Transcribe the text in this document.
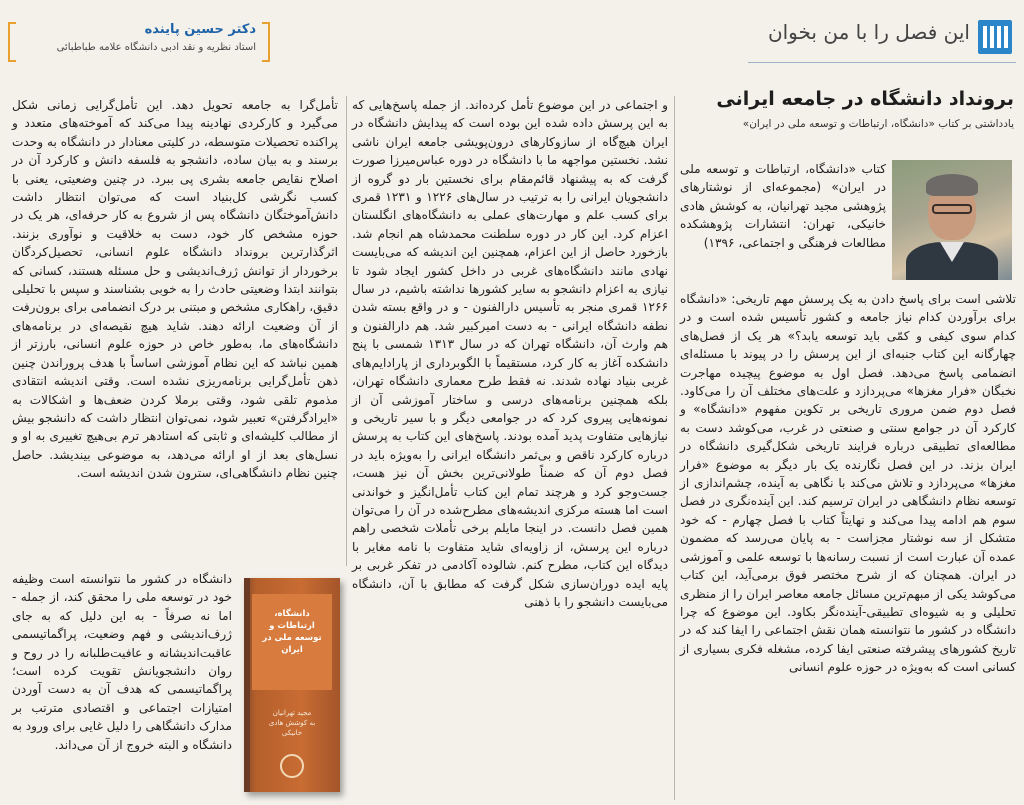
این فصل را با من بخوان
دکتر حسین پاینده
استاد نظریه و نقد ادبی دانشگاه علامه طباطبائی
برونداد دانشگاه در جامعه ایرانی
یادداشتی بر کتاب «دانشگاه، ارتباطات و توسعه ملی در ایران»

کتاب «دانشگاه، ارتباطات و توسعه ملی در ایران» (مجموعه‌ای از نوشتارهای پژوهشی مجید تهرانیان، به کوشش هادی خانیکی، تهران: انتشارات پژوهشکده مطالعات فرهنگی و اجتماعی، ۱۳۹۶)

تلاشی است برای پاسخ دادن به یک پرسش مهم تاریخی: «دانشگاه برای برآوردن کدام نیاز جامعه و کشور تأسیس شده است و در کدام سوی کیفی و کمّی باید توسعه یابد؟» هر یک از فصل‌های چهارگانه این کتاب جنبه‌ای از این پرسش را در پیوند با مسئله‌ای انضمامی پاسخ می‌دهد. فصل اول به موضوع پیچیده مهاجرت نخبگان «فرار مغزها» می‌پردازد و علت‌های مختلف آن را می‌کاود. فصل دوم ضمن مروری تاریخی بر تکوین مفهوم «دانشگاه» و کارکرد آن در جوامع سنتی و صنعتی در غرب، می‌کوشد دست به مطالعه‌ای تطبیقی درباره فرایند تاریخی شکل‌گیری دانشگاه در ایران بزند. در این فصل نگارنده یک بار دیگر به موضوع «فرار مغزها» می‌پردازد و تلاش می‌کند با نگاهی به آینده، چشم‌اندازی از توسعه نظام دانشگاهی در ایران ترسیم کند. این آینده‌نگری در فصل سوم هم ادامه پیدا می‌کند و نهایتاً کتاب با فصل چهارم - که خود متشکل از سه نوشتار مجزاست - به پایان می‌رسد که مضمون عمده آن عبارت است از نسبت رسانه‌ها با توسعه علمی و آموزشی در ایران. همچنان که از شرح مختصر فوق برمی‌آید، این کتاب می‌کوشد یکی از مبهم‌ترین مسائل جامعه معاصر ایران را از منظری تحلیلی و به شیوه‌ای تطبیقی-آینده‌نگر بکاود. این موضوع که چرا دانشگاه در کشور ما نتوانسته همان نقش اجتماعی را ایفا کند که در تاریخ کشورهای پیشرفته صنعتی ایفا کرده، مشغله فکری بسیاری از کسانی است که به‌ویژه در حوزه علوم انسانی

و اجتماعی در این موضوع تأمل کرده‌اند. از جمله پاسخ‌هایی که به این پرسش داده شده این بوده است که پیدایش دانشگاه در ایران هیچ‌گاه از سازوکارهای درون‌پویشی جامعه ایران ناشی نشد. نخستین مواجهه ما با دانشگاه در دوره عباس‌میرزا صورت گرفت که به پیشنهاد قائم‌مقام برای نخستین بار دو گروه از دانشجویان ایرانی را به ترتیب در سال‌های ۱۲۲۶ و ۱۲۳۱ قمری برای کسب علم و مهارت‌های عملی به دانشگاه‌های انگلستان اعزام کرد. این کار در دوره سلطنت محمدشاه هم انجام شد. بازخورد حاصل از این اعزام، همچنین این اندیشه که می‌بایست نهادی مانند دانشگاه‌های غربی در داخل کشور ایجاد شود تا نیازی به اعزام دانشجو به سایر کشورها نداشته باشیم، در سال ۱۲۶۶ قمری منجر به تأسیس دارالفنون - و در واقع بسته شدن نطفه دانشگاه ایرانی - به دست امیرکبیر شد. هم دارالفنون و هم وارث آن، دانشگاه تهران که در سال ۱۳۱۳ شمسی با پنج دانشکده آغاز به کار کرد، مستقیماً با الگوبرداری از پارادایم‌های غربی بنیاد نهاده شدند. نه فقط طرح معماری دانشگاه تهران، بلکه همچنین برنامه‌های درسی و ساختار آموزشی آن از نمونه‌هایی پیروی کرد که در جوامعی دیگر و با سیر تاریخی و نیازهایی متفاوت پدید آمده بودند. پاسخ‌های این کتاب به پرسش درباره کارکرد ناقص و بی‌ثمر دانشگاه ایرانی را به‌ویژه باید در فصل دوم آن که ضمناً طولانی‌ترین بخش آن نیز هست، جست‌وجو کرد و هرچند تمام این کتاب تأمل‌انگیز و خواندنی است اما هسته مرکزی اندیشه‌های مطرح‌شده در آن را می‌توان همین فصل دانست. در اینجا مایلم برخی تأملات شخصی راهم درباره این پرسش، از زاویه‌ای شاید متفاوت با نامه مغایر با دیدگاه این کتاب، مطرح کنم. شالوده آکادمی در تفکر غربی بر پایه ایده دوران‌سازی شکل گرفت که مطابق با آن، دانشگاه می‌بایست دانشجو را با ذهنی

تأمل‌گرا به جامعه تحویل دهد. این تأمل‌گرایی زمانی شکل می‌گیرد و کارکردی نهادینه پیدا می‌کند که آموخته‌های متعدد و پراکنده تحصیلات متوسطه، در کلیتی معنادار در دانشگاه به وحدت برسند و به بیان ساده، دانشجو به فلسفه دانش و کارکرد آن در اصلاح نقایص جامعه بشری پی ببرد. در چنین وضعیتی، یعنی با کسب نگرشی کل‌بنیاد است که می‌توان انتظار داشت دانش‌آموختگان دانشگاه پس از شروع به کار حرفه‌ای، هر یک در حوزه مشخص کار خود، دست به خلاقیت و نوآوری بزنند. اثرگذارترین برونداد دانشگاه علوم انسانی، تحصیل‌کردگان برخوردار از توانش ژرف‌اندیشی و حل مسئله هستند، کسانی که بتوانند ابتدا وضعیتی حادث را به خوبی بشناسند و سپس با تحلیلی دقیق، راهکاری مشخص و مبتنی بر درک انضمامی برای برون‌رفت از آن وضعیت ارائه دهند. شاید هیچ نقیصه‌ای در برنامه‌های دانشگاه‌های ما، به‌طور خاص در حوزه علوم انسانی، بارزتر از همین نباشد که این نظام آموزشی اساساً با هدف پروراندن چنین ذهن تأمل‌گرایی برنامه‌ریزی نشده است. وقتی اندیشه انتقادی مذموم تلقی شود، وقتی برملا کردن ضعف‌ها و اشکالات به «ایرادگرفتن» تعبیر شود، نمی‌توان انتظار داشت که دانشجو بیش از مطالب کلیشه‌ای و ثابتی که استادهر ترم بی‌هیچ تغییری به او و نسل‌های بعد از او ارائه می‌دهد، به موضوعی بیندیشد. حاصل چنین نظام دانشگاهی‌ای، سترون شدن اندیشه است.

دانشگاه در کشور ما نتوانسته است وظیفه خود در توسعه ملی را محقق کند، از جمله - اما نه صرفاً - به این دلیل که به جای ژرف‌اندیشی و فهم وضعیت، پراگماتیسمی عاقبت‌اندیشانه و عافیت‌طلبانه را در روح و روان دانشجویانش تقویت کرده است؛ پراگماتیسمی که هدف آن به دست آوردن امتیازات اجتماعی و اقتصادی مترتب بر مدارک دانشگاهی را دلیل غایی برای ورود به دانشگاه و البته خروج از آن می‌داند.

دانشگاه، ارتباطات و توسعه ملی در ایران
مجید تهرانیان
به کوشش هادی خانیکی
